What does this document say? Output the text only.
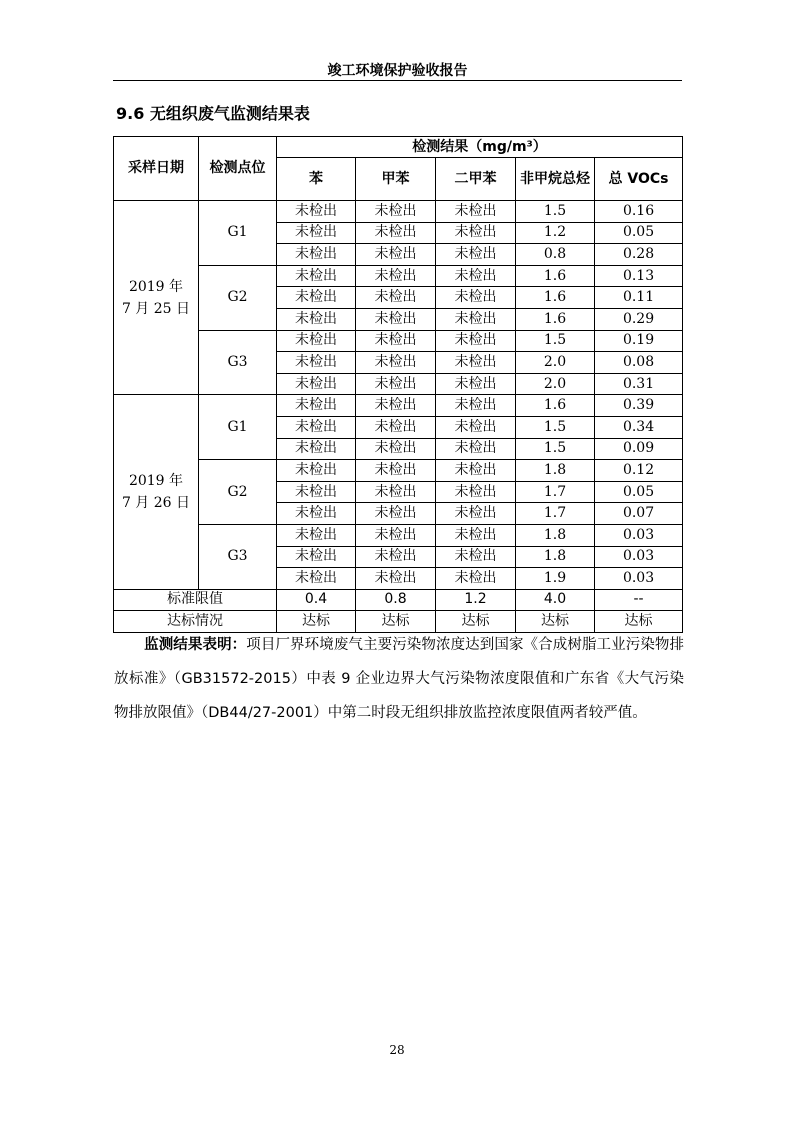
竣工环境保护验收报告
9.6 无组织废气监测结果表
采样日期	检测点位	检测结果（mg/m³）				
		苯	甲苯	二甲苯	非甲烷总烃	总 VOCs
2019 年
7 月 25 日	G1	未检出	未检出	未检出	1.5	0.16
		未检出	未检出	未检出	1.2	0.05
		未检出	未检出	未检出	0.8	0.28
	G2	未检出	未检出	未检出	1.6	0.13
		未检出	未检出	未检出	1.6	0.11
		未检出	未检出	未检出	1.6	0.29
	G3	未检出	未检出	未检出	1.5	0.19
		未检出	未检出	未检出	2.0	0.08
		未检出	未检出	未检出	2.0	0.31
2019 年
7 月 26 日	G1	未检出	未检出	未检出	1.6	0.39
		未检出	未检出	未检出	1.5	0.34
		未检出	未检出	未检出	1.5	0.09
	G2	未检出	未检出	未检出	1.8	0.12
		未检出	未检出	未检出	1.7	0.05
		未检出	未检出	未检出	1.7	0.07
	G3	未检出	未检出	未检出	1.8	0.03
		未检出	未检出	未检出	1.8	0.03
		未检出	未检出	未检出	1.9	0.03
标准限值		0.4	0.8	1.2	4.0	--
达标情况		达标	达标	达标	达标	达标
监测结果表明：项目厂界环境废气主要污染物浓度达到国家《合成树脂工业污染物排放标准》（GB31572-2015）中表 9 企业边界大气污染物浓度限值和广东省《大气污染物排放限值》（DB44/27-2001）中第二时段无组织排放监控浓度限值两者较严值。
28
